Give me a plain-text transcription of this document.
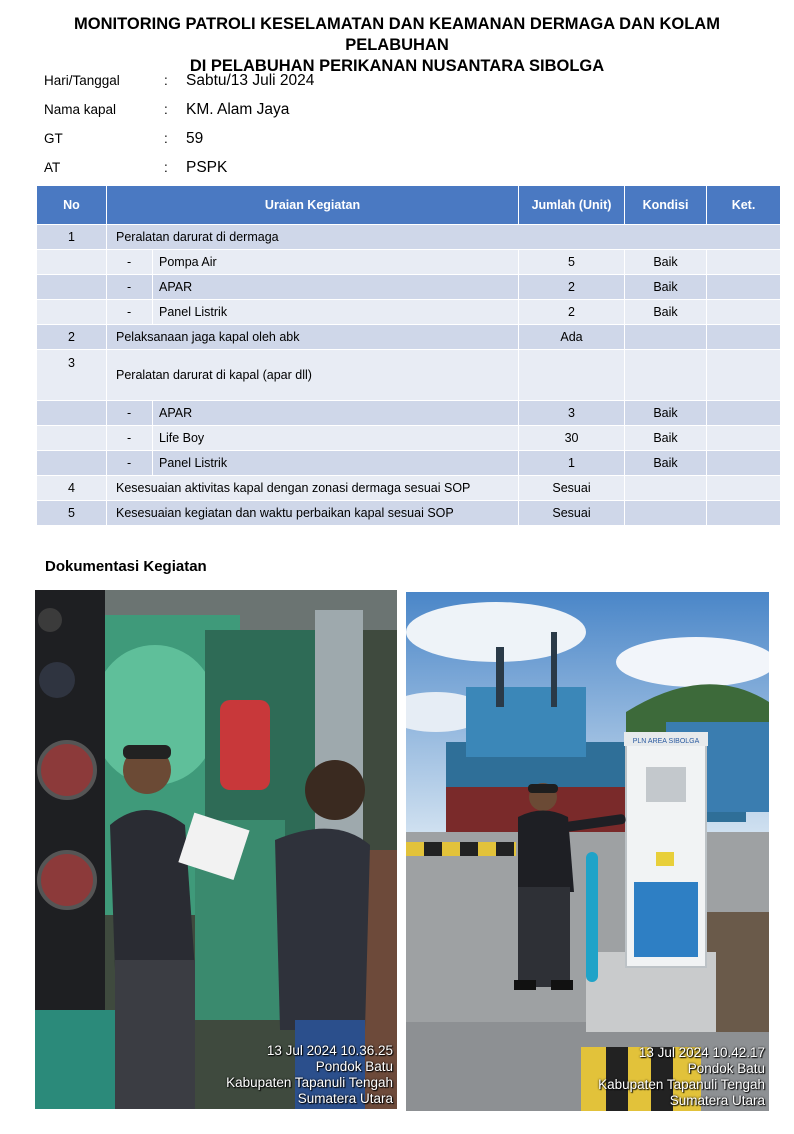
MONITORING PATROLI KESELAMATAN DAN KEAMANAN DERMAGA DAN KOLAM PELABUHAN
DI PELABUHAN PERIKANAN NUSANTARA SIBOLGA
Hari/Tanggal	:	Sabtu/13 Juli 2024
Nama kapal	:	KM. Alam Jaya
GT	:	59
AT	:	PSPK
No	Uraian Kegiatan		Jumlah (Unit)	Kondisi	Ket.
1	Peralatan darurat di dermaga				
	-	Pompa Air	5	Baik	
	-	APAR	2	Baik	
	-	Panel Listrik	2	Baik	
2	Pelaksanaan jaga kapal oleh abk		Ada		
3	Peralatan darurat di kapal (apar dll)				
	-	APAR	3	Baik	
	-	Life Boy	30	Baik	
	-	Panel Listrik	1	Baik	
4	Kesesuaian aktivitas kapal dengan zonasi dermaga sesuai SOP		Sesuai		
5	Kesesuaian kegiatan dan waktu perbaikan kapal sesuai SOP		Sesuai		
Dokumentasi Kegiatan
13 Jul 2024 10.36.25
Pondok Batu
Kabupaten Tapanuli Tengah
Sumatera Utara
PLN AREA SIBOLGA
13 Jul 2024 10.42.17
Pondok Batu
Kabupaten Tapanuli Tengah
Sumatera Utara
